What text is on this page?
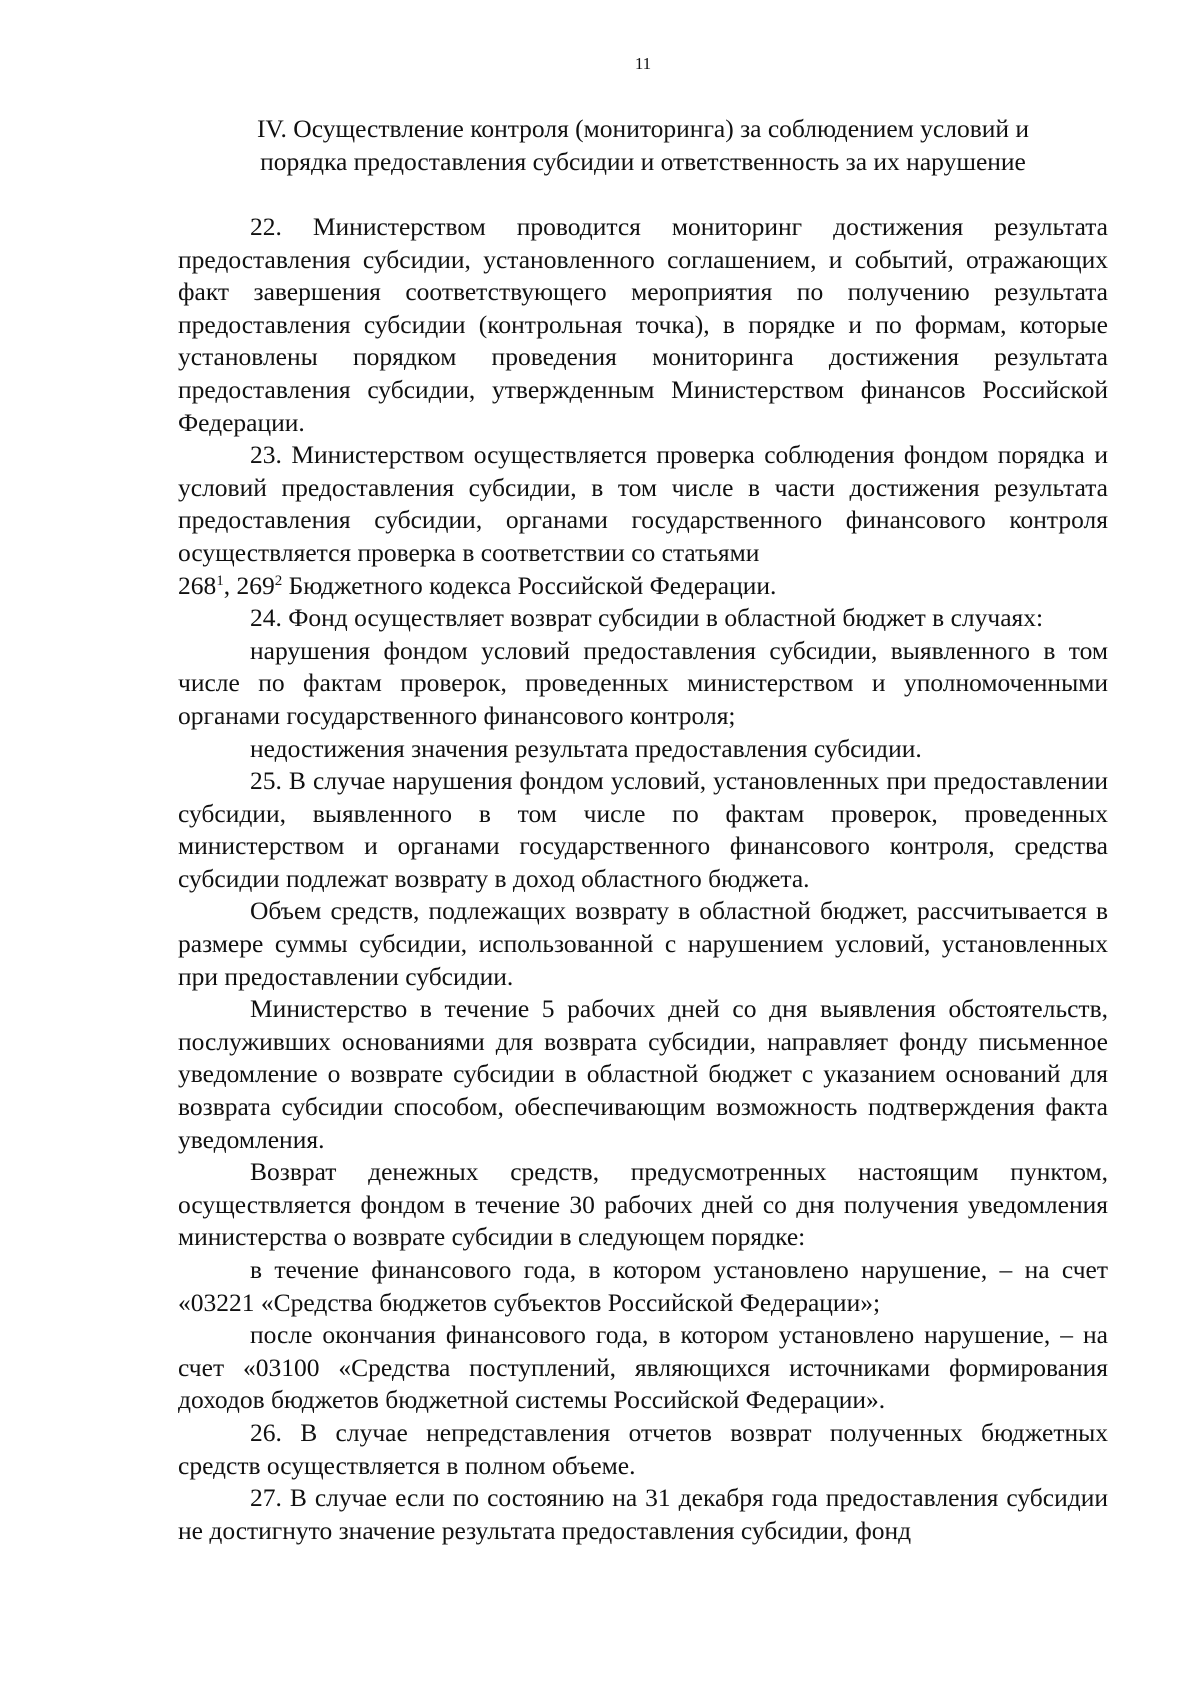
11
IV. Осуществление контроля (мониторинга) за соблюдением условий и
порядка предоставления субсидии и ответственность за их нарушение

22. Министерством проводится мониторинг достижения результата предоставления субсидии, установленного соглашением, и событий, отражающих факт завершения соответствующего мероприятия по получению результата предоставления субсидии (контрольная точка), в порядке и по формам, которые установлены порядком проведения мониторинга достижения результата предоставления субсидии, утвержденным Министерством финансов Российской Федерации.

23. Министерством осуществляется проверка соблюдения фондом порядка и условий предоставления субсидии, в том числе в части достижения результата предоставления субсидии, органами государственного финансового контроля осуществляется проверка в соответствии со статьями
$268^1$, $269^2$ Бюджетного кодекса Российской Федерации.

24. Фонд осуществляет возврат субсидии в областной бюджет в случаях:

нарушения фондом условий предоставления субсидии, выявленного в том числе по фактам проверок, проведенных министерством и уполномоченными органами государственного финансового контроля;

недостижения значения результата предоставления субсидии.

25. В случае нарушения фондом условий, установленных при предоставлении субсидии, выявленного в том числе по фактам проверок, проведенных министерством и органами государственного финансового контроля, средства субсидии подлежат возврату в доход областного бюджета.

Объем средств, подлежащих возврату в областной бюджет, рассчитывается в размере суммы субсидии, использованной с нарушением условий, установленных при предоставлении субсидии.

Министерство в течение 5 рабочих дней со дня выявления обстоятельств, послуживших основаниями для возврата субсидии, направляет фонду письменное уведомление о возврате субсидии в областной бюджет с указанием оснований для возврата субсидии способом, обеспечивающим возможность подтверждения факта уведомления.

Возврат денежных средств, предусмотренных настоящим пунктом, осуществляется фондом в течение 30 рабочих дней со дня получения уведомления министерства о возврате субсидии в следующем порядке:

в течение финансового года, в котором установлено нарушение, – на счет «03221 «Средства бюджетов субъектов Российской Федерации»;

после окончания финансового года, в котором установлено нарушение, – на счет «03100 «Средства поступлений, являющихся источниками формирования доходов бюджетов бюджетной системы Российской Федерации».

26. В случае непредставления отчетов возврат полученных бюджетных средств осуществляется в полном объеме.

27. В случае если по состоянию на 31 декабря года предоставления субсидии не достигнуто значение результата предоставления субсидии, фонд
